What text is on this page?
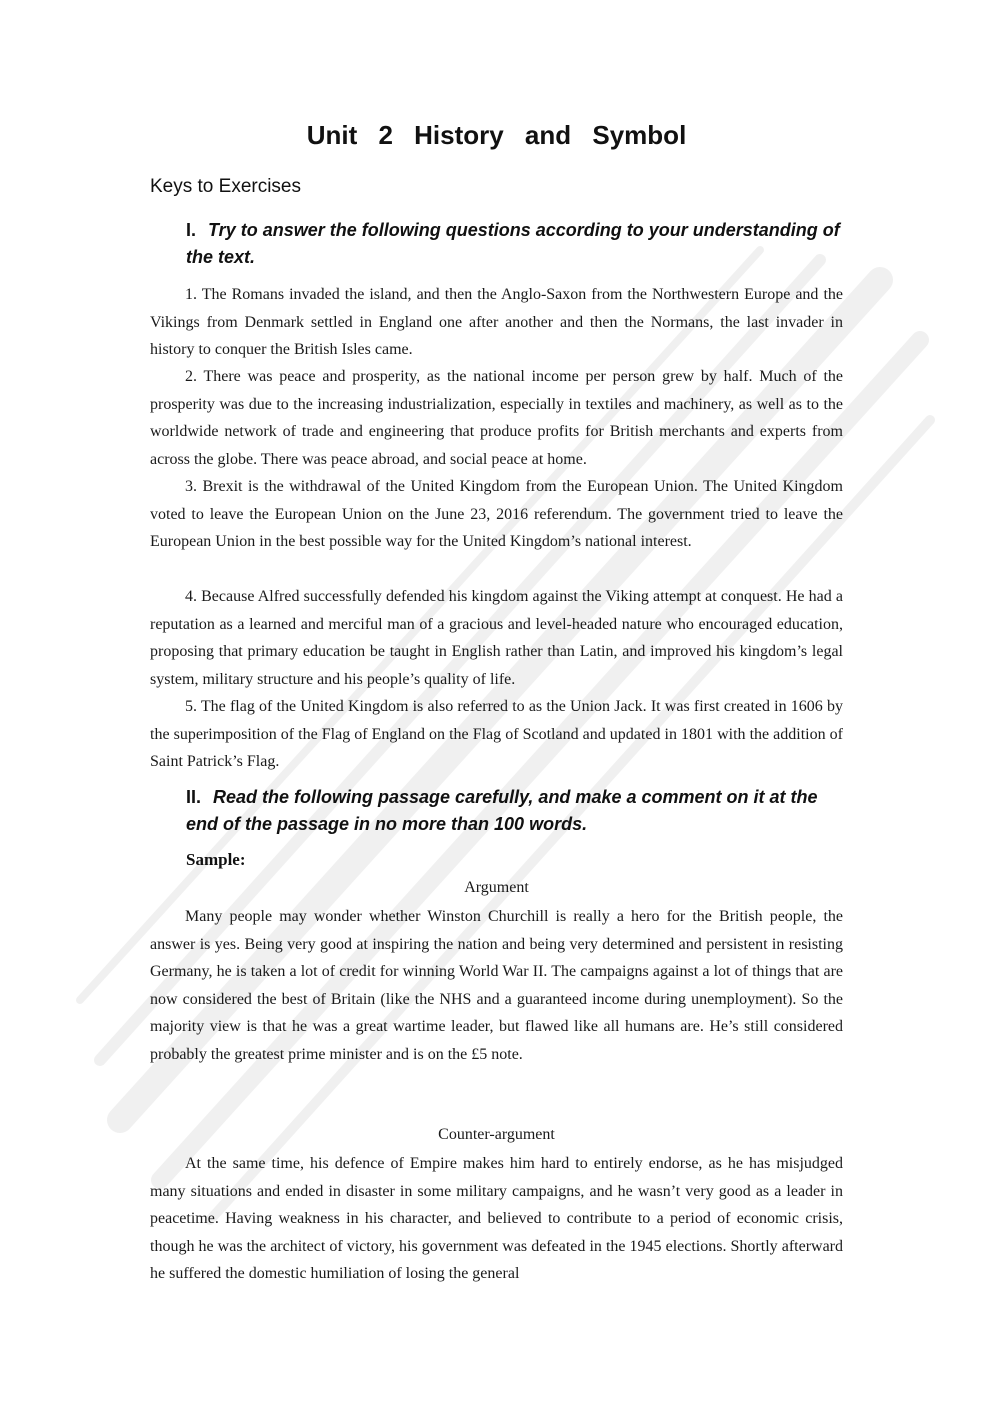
Unit 2 History and Symbol
Keys to Exercises
I. Try to answer the following questions according to your understanding of the text.

1. The Romans invaded the island, and then the Anglo-Saxon from the Northwestern Europe and the Vikings from Denmark settled in England one after another and then the Normans, the last invader in history to conquer the British Isles came.

2. There was peace and prosperity, as the national income per person grew by half. Much of the prosperity was due to the increasing industrialization, especially in textiles and machinery, as well as to the worldwide network of trade and engineering that produce profits for British merchants and experts from across the globe. There was peace abroad, and social peace at home.

3. Brexit is the withdrawal of the United Kingdom from the European Union. The United Kingdom voted to leave the European Union on the June 23, 2016 referendum. The government tried to leave the European Union in the best possible way for the United Kingdom’s national interest.

4. Because Alfred successfully defended his kingdom against the Viking attempt at conquest. He had a reputation as a learned and merciful man of a gracious and level-headed nature who encouraged education, proposing that primary education be taught in English rather than Latin, and improved his kingdom’s legal system, military structure and his people’s quality of life.

5. The flag of the United Kingdom is also referred to as the Union Jack. It was first created in 1606 by the superimposition of the Flag of England on the Flag of Scotland and updated in 1801 with the addition of Saint Patrick’s Flag.

II. Read the following passage carefully, and make a comment on it at the end of the passage in no more than 100 words.
Sample:
Argument

Many people may wonder whether Winston Churchill is really a hero for the British people, the answer is yes. Being very good at inspiring the nation and being very determined and persistent in resisting Germany, he is taken a lot of credit for winning World War II. The campaigns against a lot of things that are now considered the best of Britain (like the NHS and a guaranteed income during unemployment). So the majority view is that he was a great wartime leader, but flawed like all humans are. He’s still considered probably the greatest prime minister and is on the £5 note.

Counter-argument

At the same time, his defence of Empire makes him hard to entirely endorse, as he has misjudged many situations and ended in disaster in some military campaigns, and he wasn’t very good as a leader in peacetime. Having weakness in his character, and believed to contribute to a period of economic crisis, though he was the architect of victory, his government was defeated in the 1945 elections. Shortly afterward he suffered the domestic humiliation of losing the general
